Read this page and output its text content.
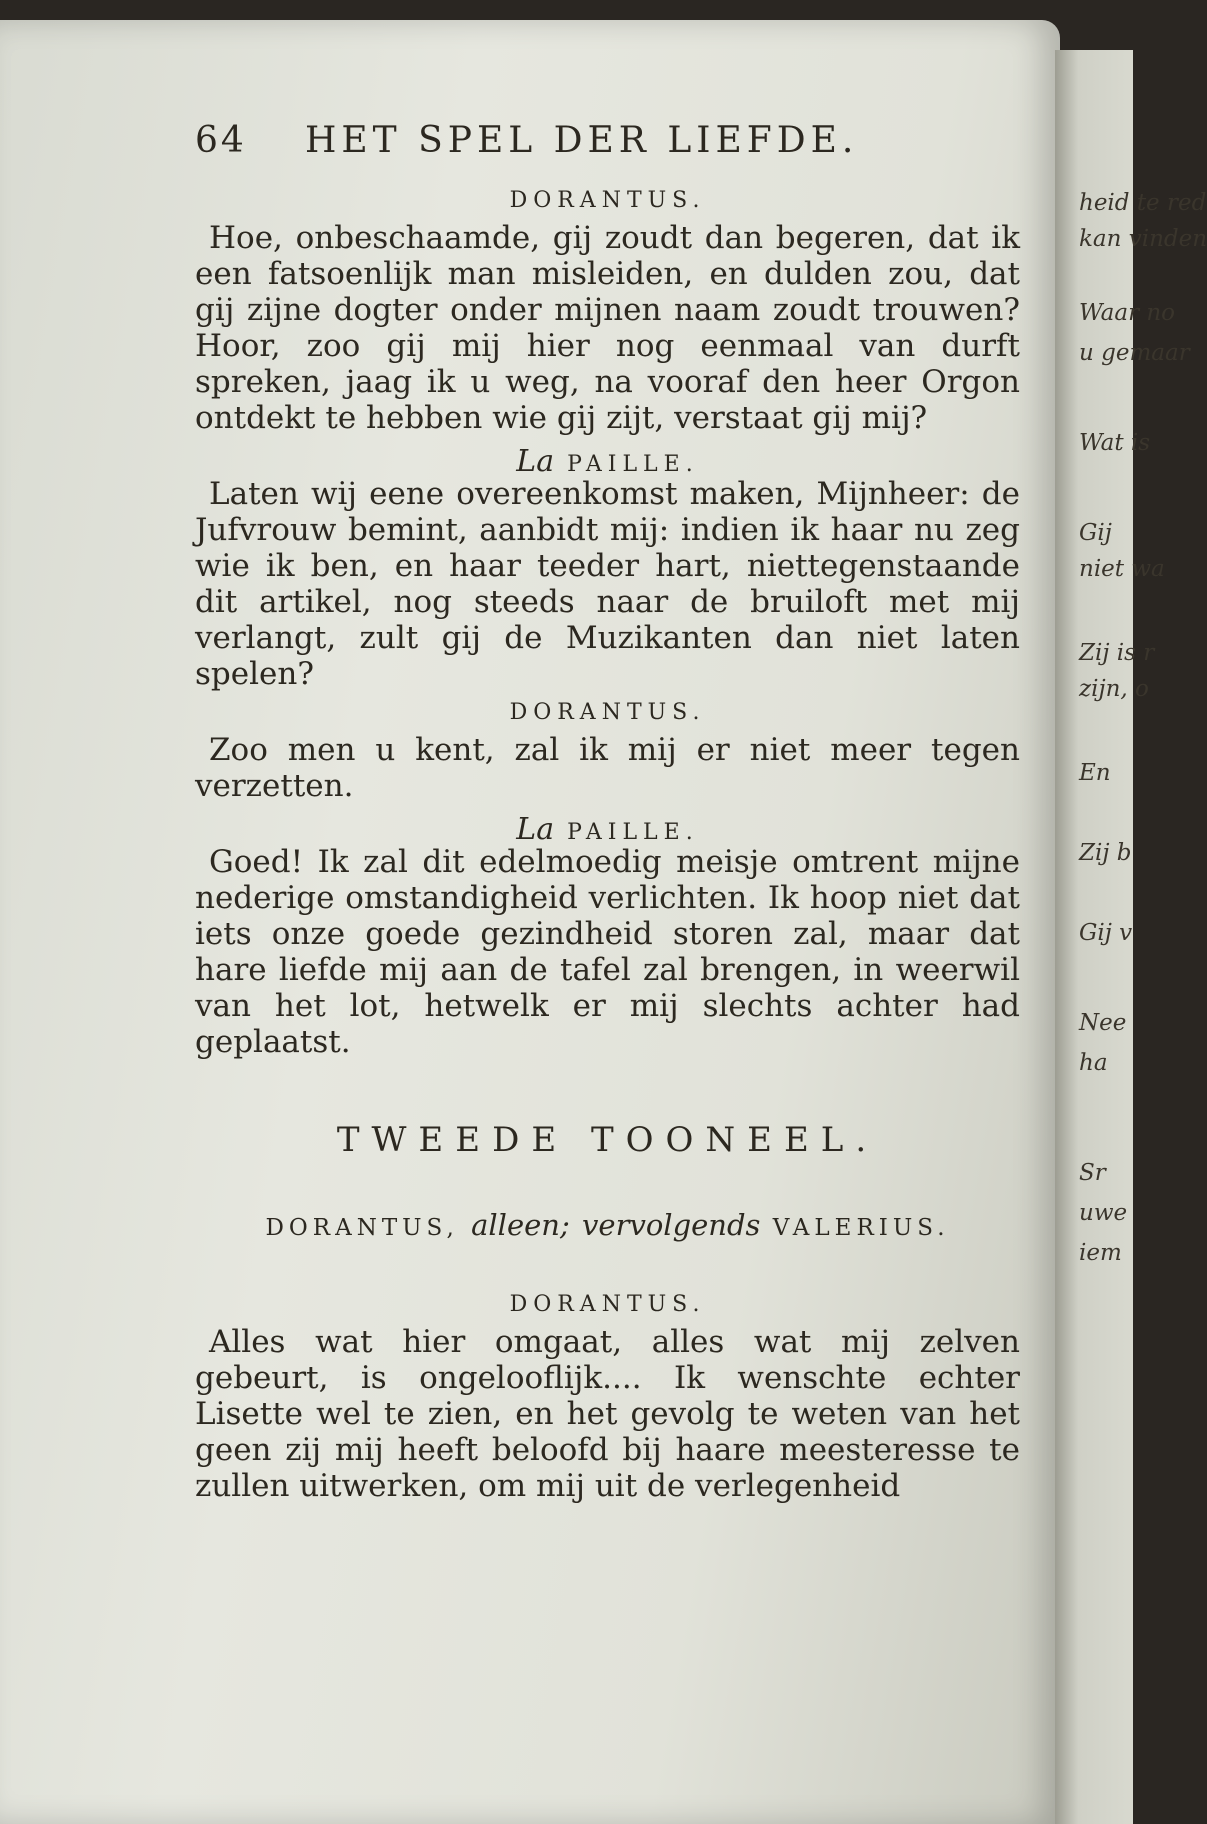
64	HET SPEL DER LIEFDE.
DORANTUS.

Hoe, onbeschaamde, gij zoudt dan begeren, dat ik een fatsoenlijk man misleiden, en dulden zou, dat gij zijne dogter onder mijnen naam zoudt trouwen? Hoor, zoo gij mij hier nog eenmaal van durft spreken, jaag ik u weg, na vooraf den heer Orgon ontdekt te hebben wie gij zijt, verstaat gij mij?

La PAILLE.

Laten wij eene overeenkomst maken, Mijnheer: de Jufvrouw bemint, aanbidt mij: indien ik haar nu zeg wie ik ben, en haar teeder hart, niettegenstaande dit artikel, nog steeds naar de bruiloft met mij verlangt, zult gij de Muzikanten dan niet laten spelen?

DORANTUS.

Zoo men u kent, zal ik mij er niet meer tegen verzetten.

La PAILLE.

Goed! Ik zal dit edelmoedig meisje omtrent mijne nederige omstandigheid verlichten. Ik hoop niet dat iets onze goede gezindheid storen zal, maar dat hare liefde mij aan de tafel zal brengen, in weerwil van het lot, hetwelk er mij slechts achter had geplaatst.

TWEEDE TOONEEL.
DORANTUS, alleen; vervolgends VALERIUS.
DORANTUS.

Alles wat hier omgaat, alles wat mij zelven gebeurt, is ongelooflijk.... Ik wenschte echter Lisette wel te zien, en het gevolg te weten van het geen zij mij heeft beloofd bij haare meesteresse te zullen uitwerken, om mij uit de verlegenheid

heid te red
kan vinden
Waar no
u gemaar
Wat is
Gij
niet wa
Zij is r
zijn, o
En
Zij b
Gij v
Nee
ha
Sr
uwe
iem
